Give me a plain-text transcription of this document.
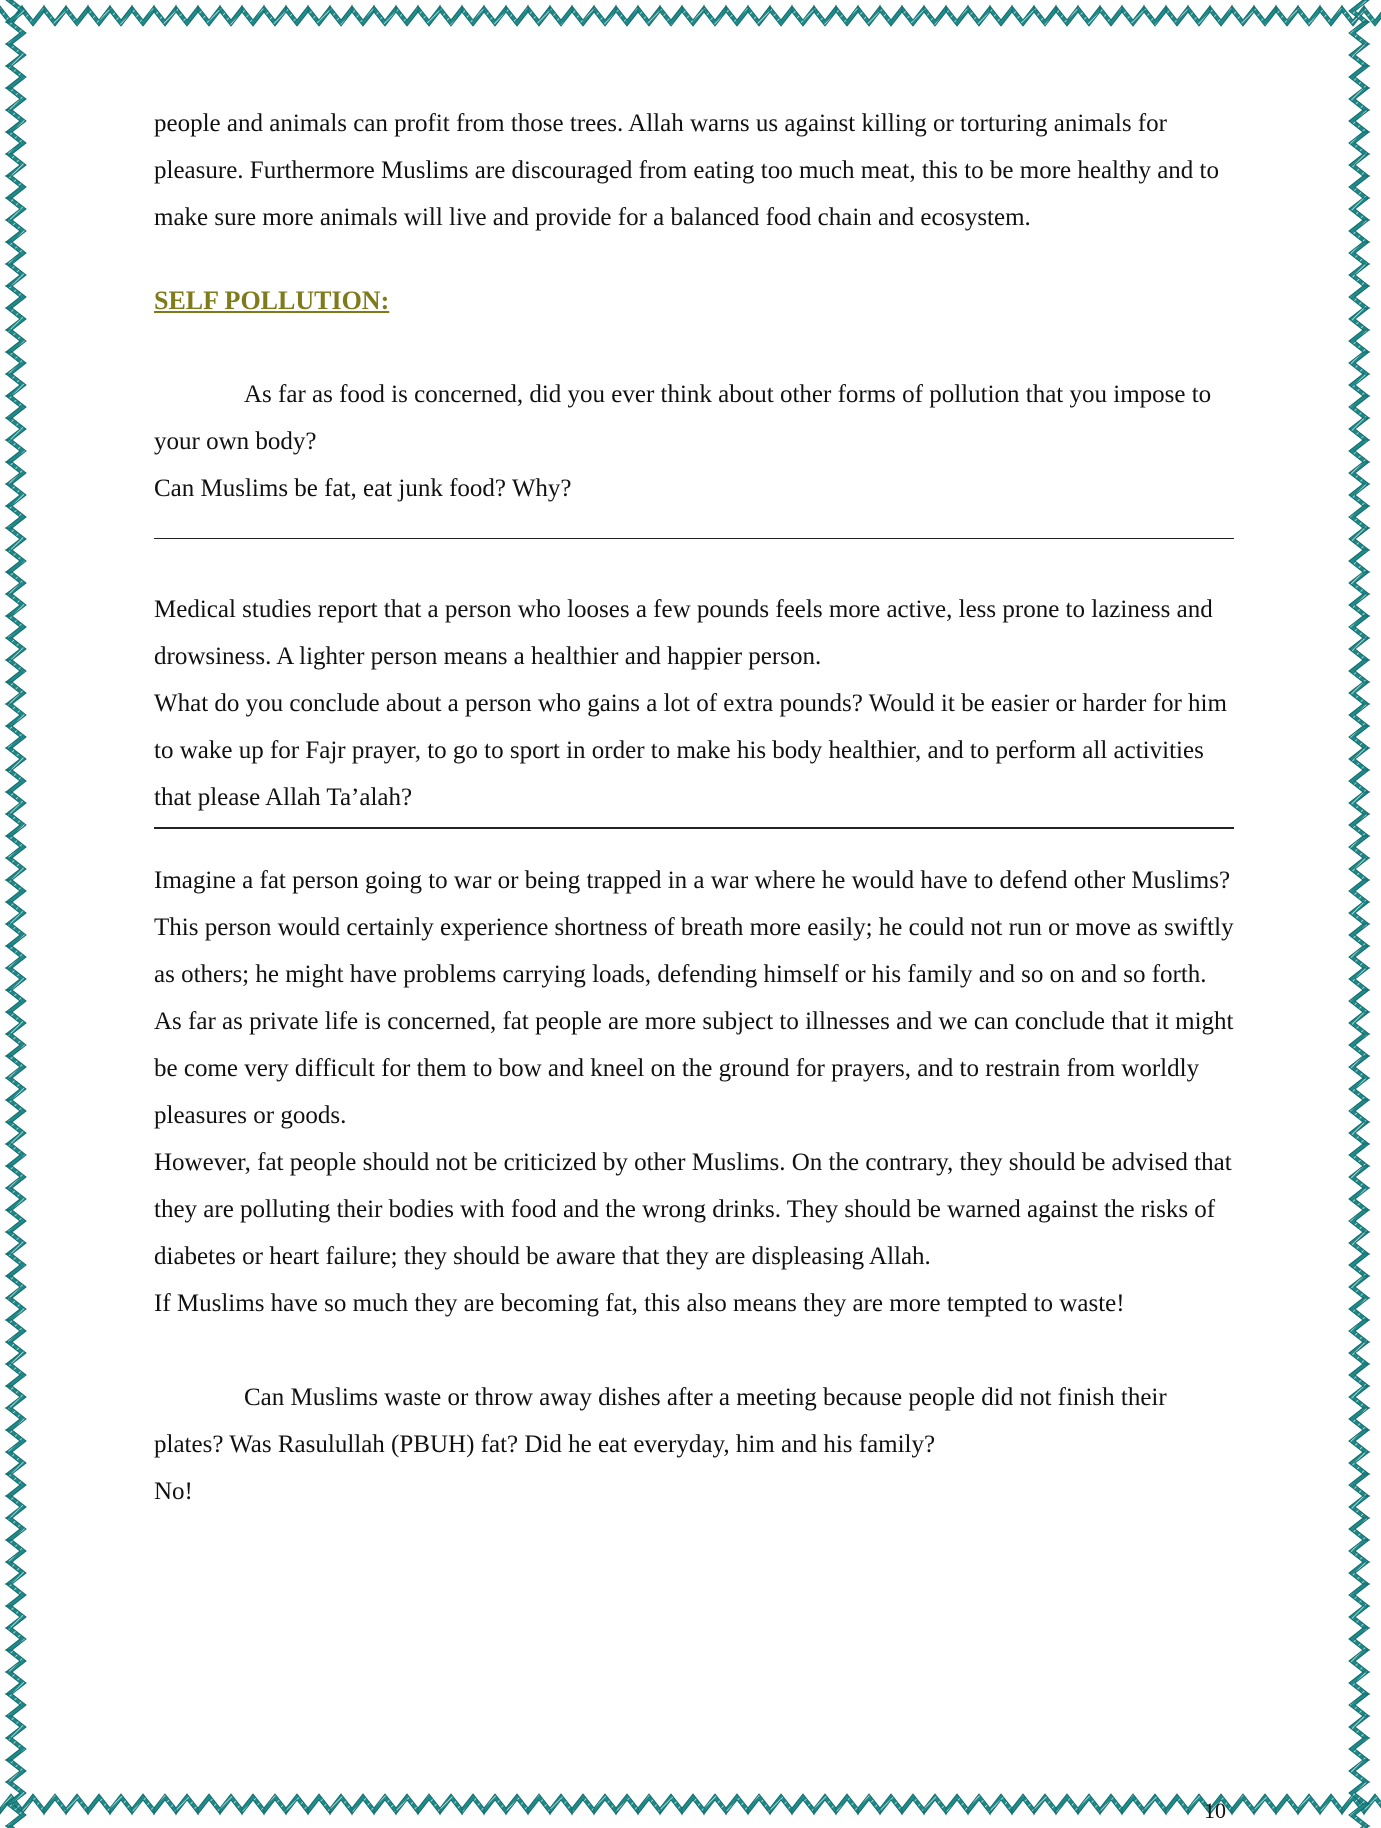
people and animals can profit from those trees. Allah warns us against killing or torturing animals for pleasure. Furthermore Muslims are discouraged from eating too much meat, this to be more healthy and to make sure more animals will live and provide for a balanced food chain and ecosystem.

SELF POLLUTION:

As far as food is concerned, did you ever think about other forms of pollution that you impose to your own body?

Can Muslims be fat, eat junk food? Why?

Medical studies report that a person who looses a few pounds feels more active, less prone to laziness and drowsiness. A lighter person means a healthier and happier person.

What do you conclude about a person who gains a lot of extra pounds? Would it be easier or harder for him to wake up for Fajr prayer, to go to sport in order to make his body healthier, and to perform all activities that please Allah Ta’alah?

Imagine a fat person going to war or being trapped in a war where he would have to defend other Muslims? This person would certainly experience shortness of breath more easily; he could not run or move as swiftly as others; he might have problems carrying loads, defending himself or his family and so on and so forth.

As far as private life is concerned, fat people are more subject to illnesses and we can conclude that it might be come very difficult for them to bow and kneel on the ground for prayers, and to restrain from worldly pleasures or goods.

However, fat people should not be criticized by other Muslims. On the contrary, they should be advised that they are polluting their bodies with food and the wrong drinks. They should be warned against the risks of diabetes or heart failure; they should be aware that they are displeasing Allah.

If Muslims have so much they are becoming fat, this also means they are more tempted to waste!

Can Muslims waste or throw away dishes after a meeting because people did not finish their plates? Was Rasulullah (PBUH) fat? Did he eat everyday, him and his family?

No!

10
